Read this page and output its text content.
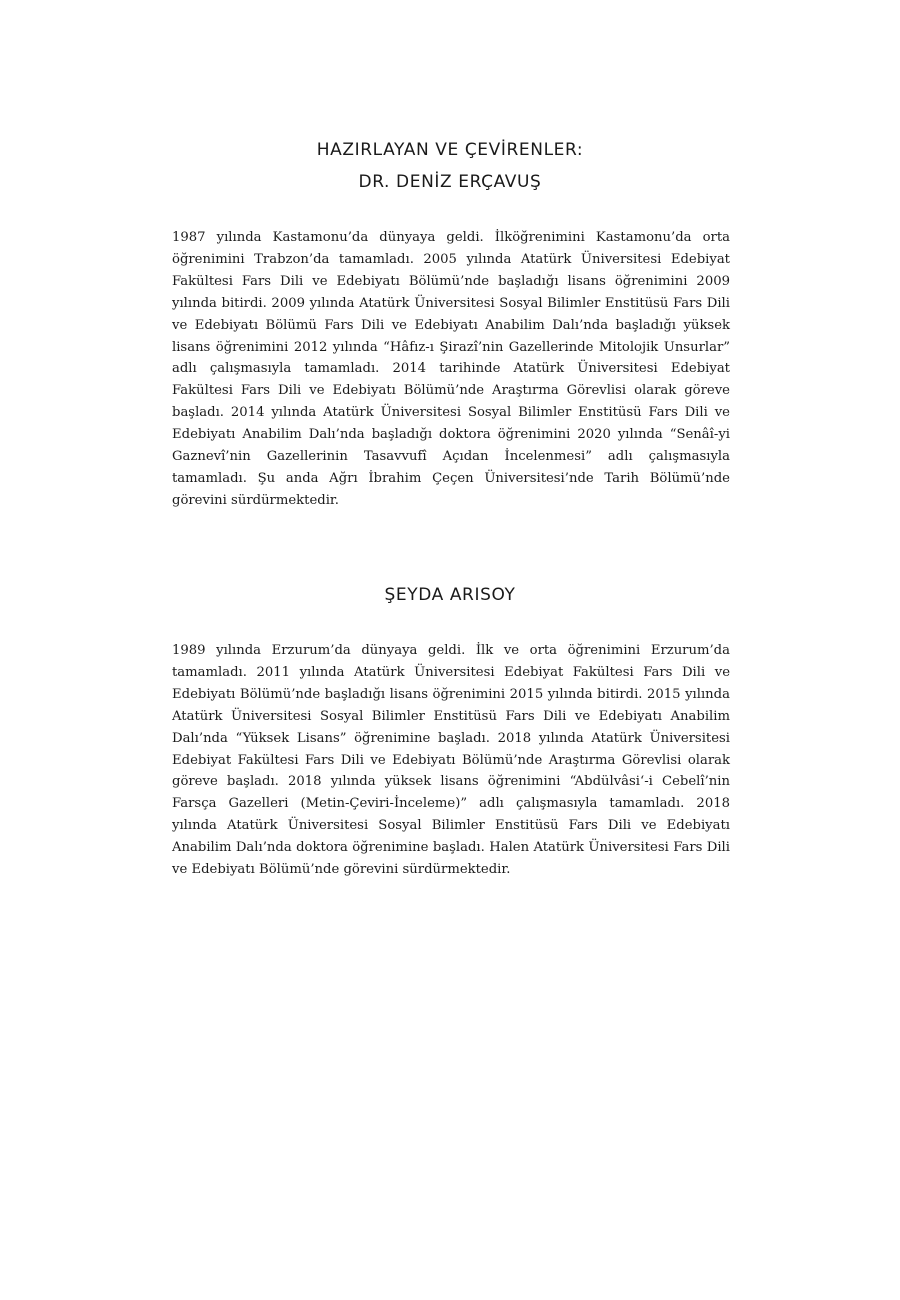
HAZIRLAYAN VE ÇEVİRENLER:
DR. DENİZ ERÇAVUŞ

1987 yılında Kastamonu’da dünyaya geldi. İlköğrenimini Kastamonu’da orta öğrenimini Trabzon’da tamamladı. 2005 yılında Atatürk Üniversitesi Edebiyat Fakültesi Fars Dili ve Edebiyatı Bölümü’nde başladığı lisans öğrenimini 2009 yılında bitirdi. 2009 yılında Atatürk Üniversitesi Sosyal Bilimler Enstitüsü Fars Dili ve Edebiyatı Bölümü Fars Dili ve Edebiyatı Anabilim Dalı’nda başladığı yüksek lisans öğrenimini 2012 yılında “Hâfız-ı Şirazî’nin Gazellerinde Mitolojik Unsurlar” adlı çalışmasıyla tamamladı. 2014 tarihinde Atatürk Üniversitesi Edebiyat Fakültesi Fars Dili ve Edebiyatı Bölümü’nde Araştırma Görevlisi olarak göreve başladı. 2014 yılında Atatürk Üniversitesi Sosyal Bilimler Enstitüsü Fars Dili ve Edebiyatı Anabilim Dalı’nda başladığı doktora öğrenimini 2020 yılında “Senâî-yi Gaznevî’nin Gazellerinin Tasavvufî Açıdan İncelenmesi” adlı çalışmasıyla tamamladı. Şu anda Ağrı İbrahim Çeçen Üniversitesi’nde Tarih Bölümü’nde görevini sürdürmektedir.

ŞEYDA ARISOY

1989 yılında Erzurum’da dünyaya geldi. İlk ve orta öğrenimini Erzurum’da tamamladı. 2011 yılında Atatürk Üniversitesi Edebiyat Fakültesi Fars Dili ve Edebiyatı Bölümü’nde başladığı lisans öğrenimini 2015 yılında bitirdi. 2015 yılında Atatürk Üniversitesi Sosyal Bilimler Enstitüsü Fars Dili ve Edebiyatı Anabilim Dalı’nda “Yüksek Lisans” öğrenimine başladı. 2018 yılında Atatürk Üniversitesi Edebiyat Fakültesi Fars Dili ve Edebiyatı Bölümü’nde Araştırma Görevlisi olarak göreve başladı. 2018 yılında yüksek lisans öğrenimini “Abdülvâsi‘-i Cebelî’nin Farsça Gazelleri (Metin-Çeviri-İnceleme)” adlı çalışmasıyla tamamladı. 2018 yılında Atatürk Üniversitesi Sosyal Bilimler Enstitüsü Fars Dili ve Edebiyatı Anabilim Dalı’nda doktora öğrenimine başladı. Halen Atatürk Üniversitesi Fars Dili ve Edebiyatı Bölümü’nde görevini sürdürmektedir.
